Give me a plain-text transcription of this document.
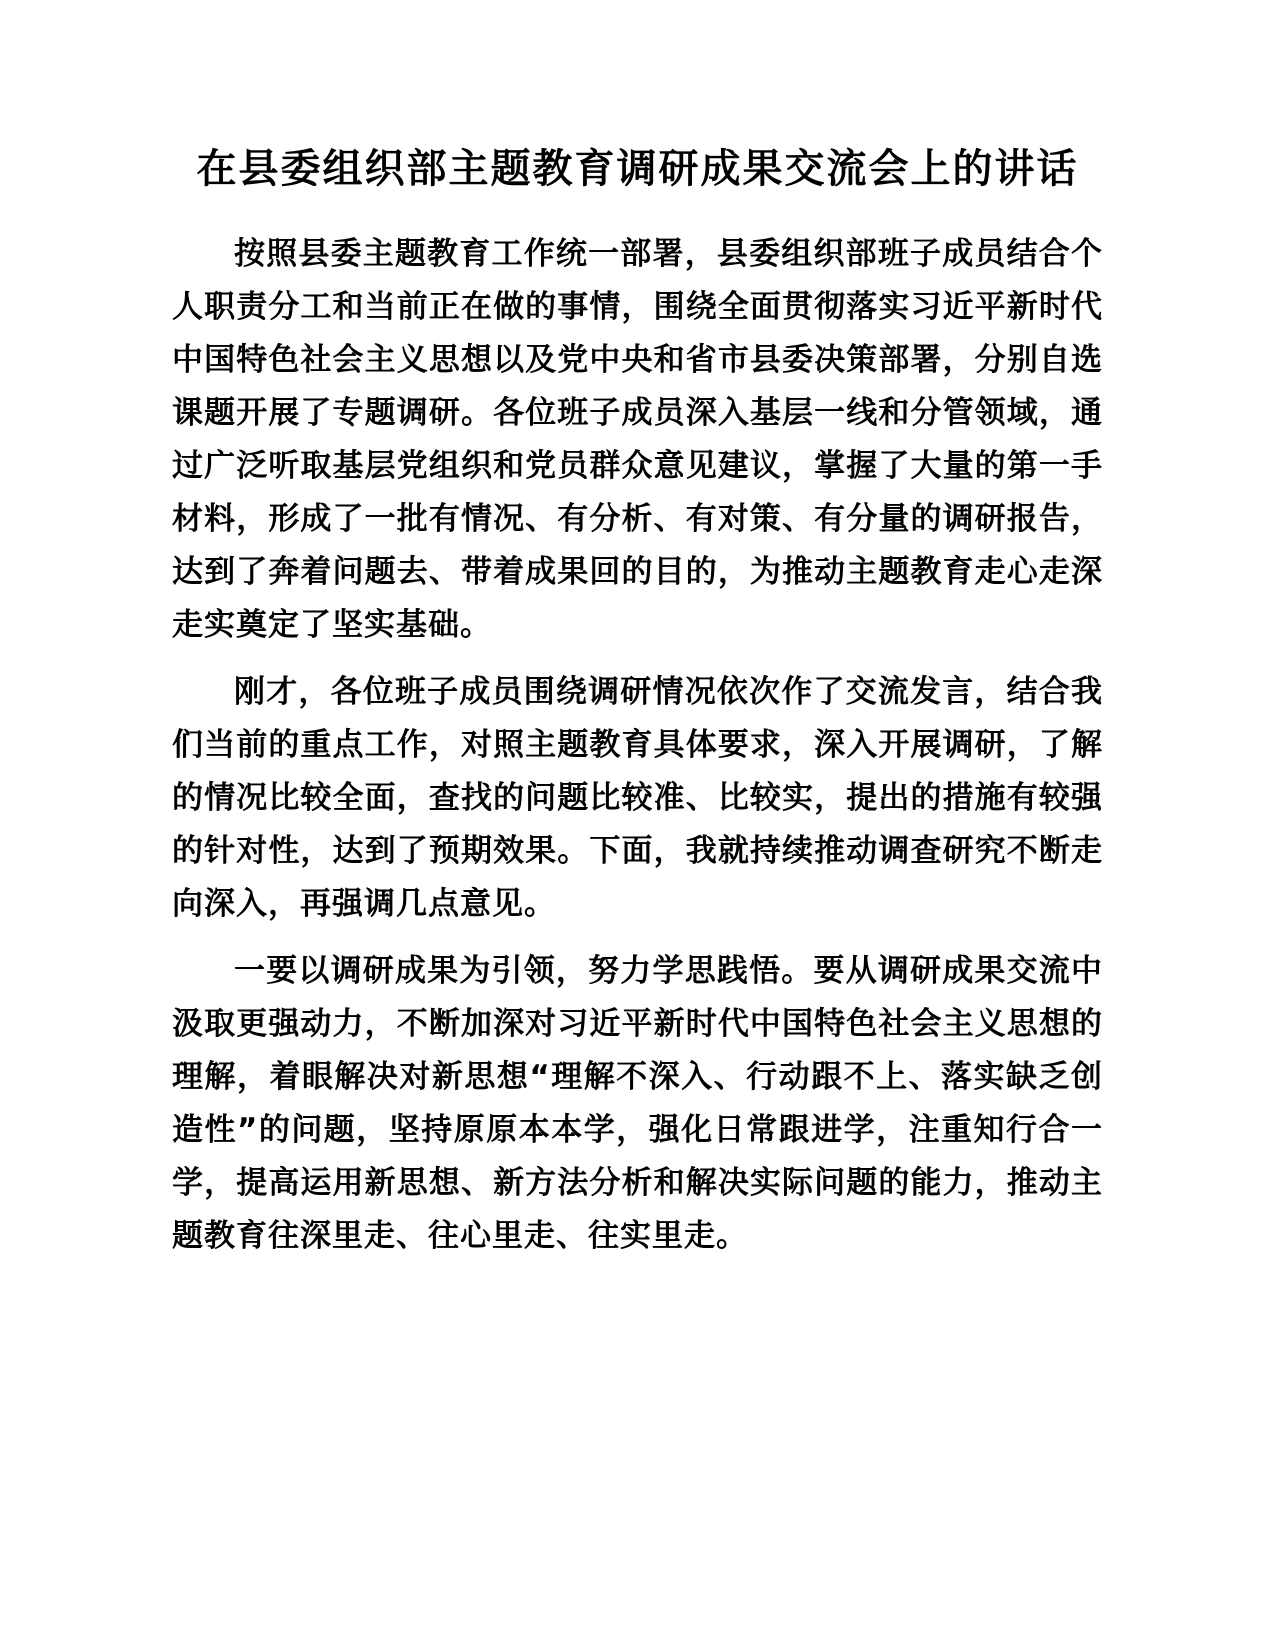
在县委组织部主题教育调研成果交流会上的讲话

按照县委主题教育工作统一部署，县委组织部班子成员结合个人职责分工和当前正在做的事情，围绕全面贯彻落实习近平新时代中国特色社会主义思想以及党中央和省市县委决策部署，分别自选课题开展了专题调研。各位班子成员深入基层一线和分管领域，通过广泛听取基层党组织和党员群众意见建议，掌握了大量的第一手材料，形成了一批有情况、有分析、有对策、有分量的调研报告，达到了奔着问题去、带着成果回的目的，为推动主题教育走心走深走实奠定了坚实基础。

刚才，各位班子成员围绕调研情况依次作了交流发言，结合我们当前的重点工作，对照主题教育具体要求，深入开展调研，了解的情况比较全面，查找的问题比较准、比较实，提出的措施有较强的针对性，达到了预期效果。下面，我就持续推动调查研究不断走向深入，再强调几点意见。

一要以调研成果为引领，努力学思践悟。要从调研成果交流中汲取更强动力，不断加深对习近平新时代中国特色社会主义思想的理解，着眼解决对新思想“理解不深入、行动跟不上、落实缺乏创造性”的问题，坚持原原本本学，强化日常跟进学，注重知行合一学，提高运用新思想、新方法分析和解决实际问题的能力，推动主题教育往深里走、往心里走、往实里走。
